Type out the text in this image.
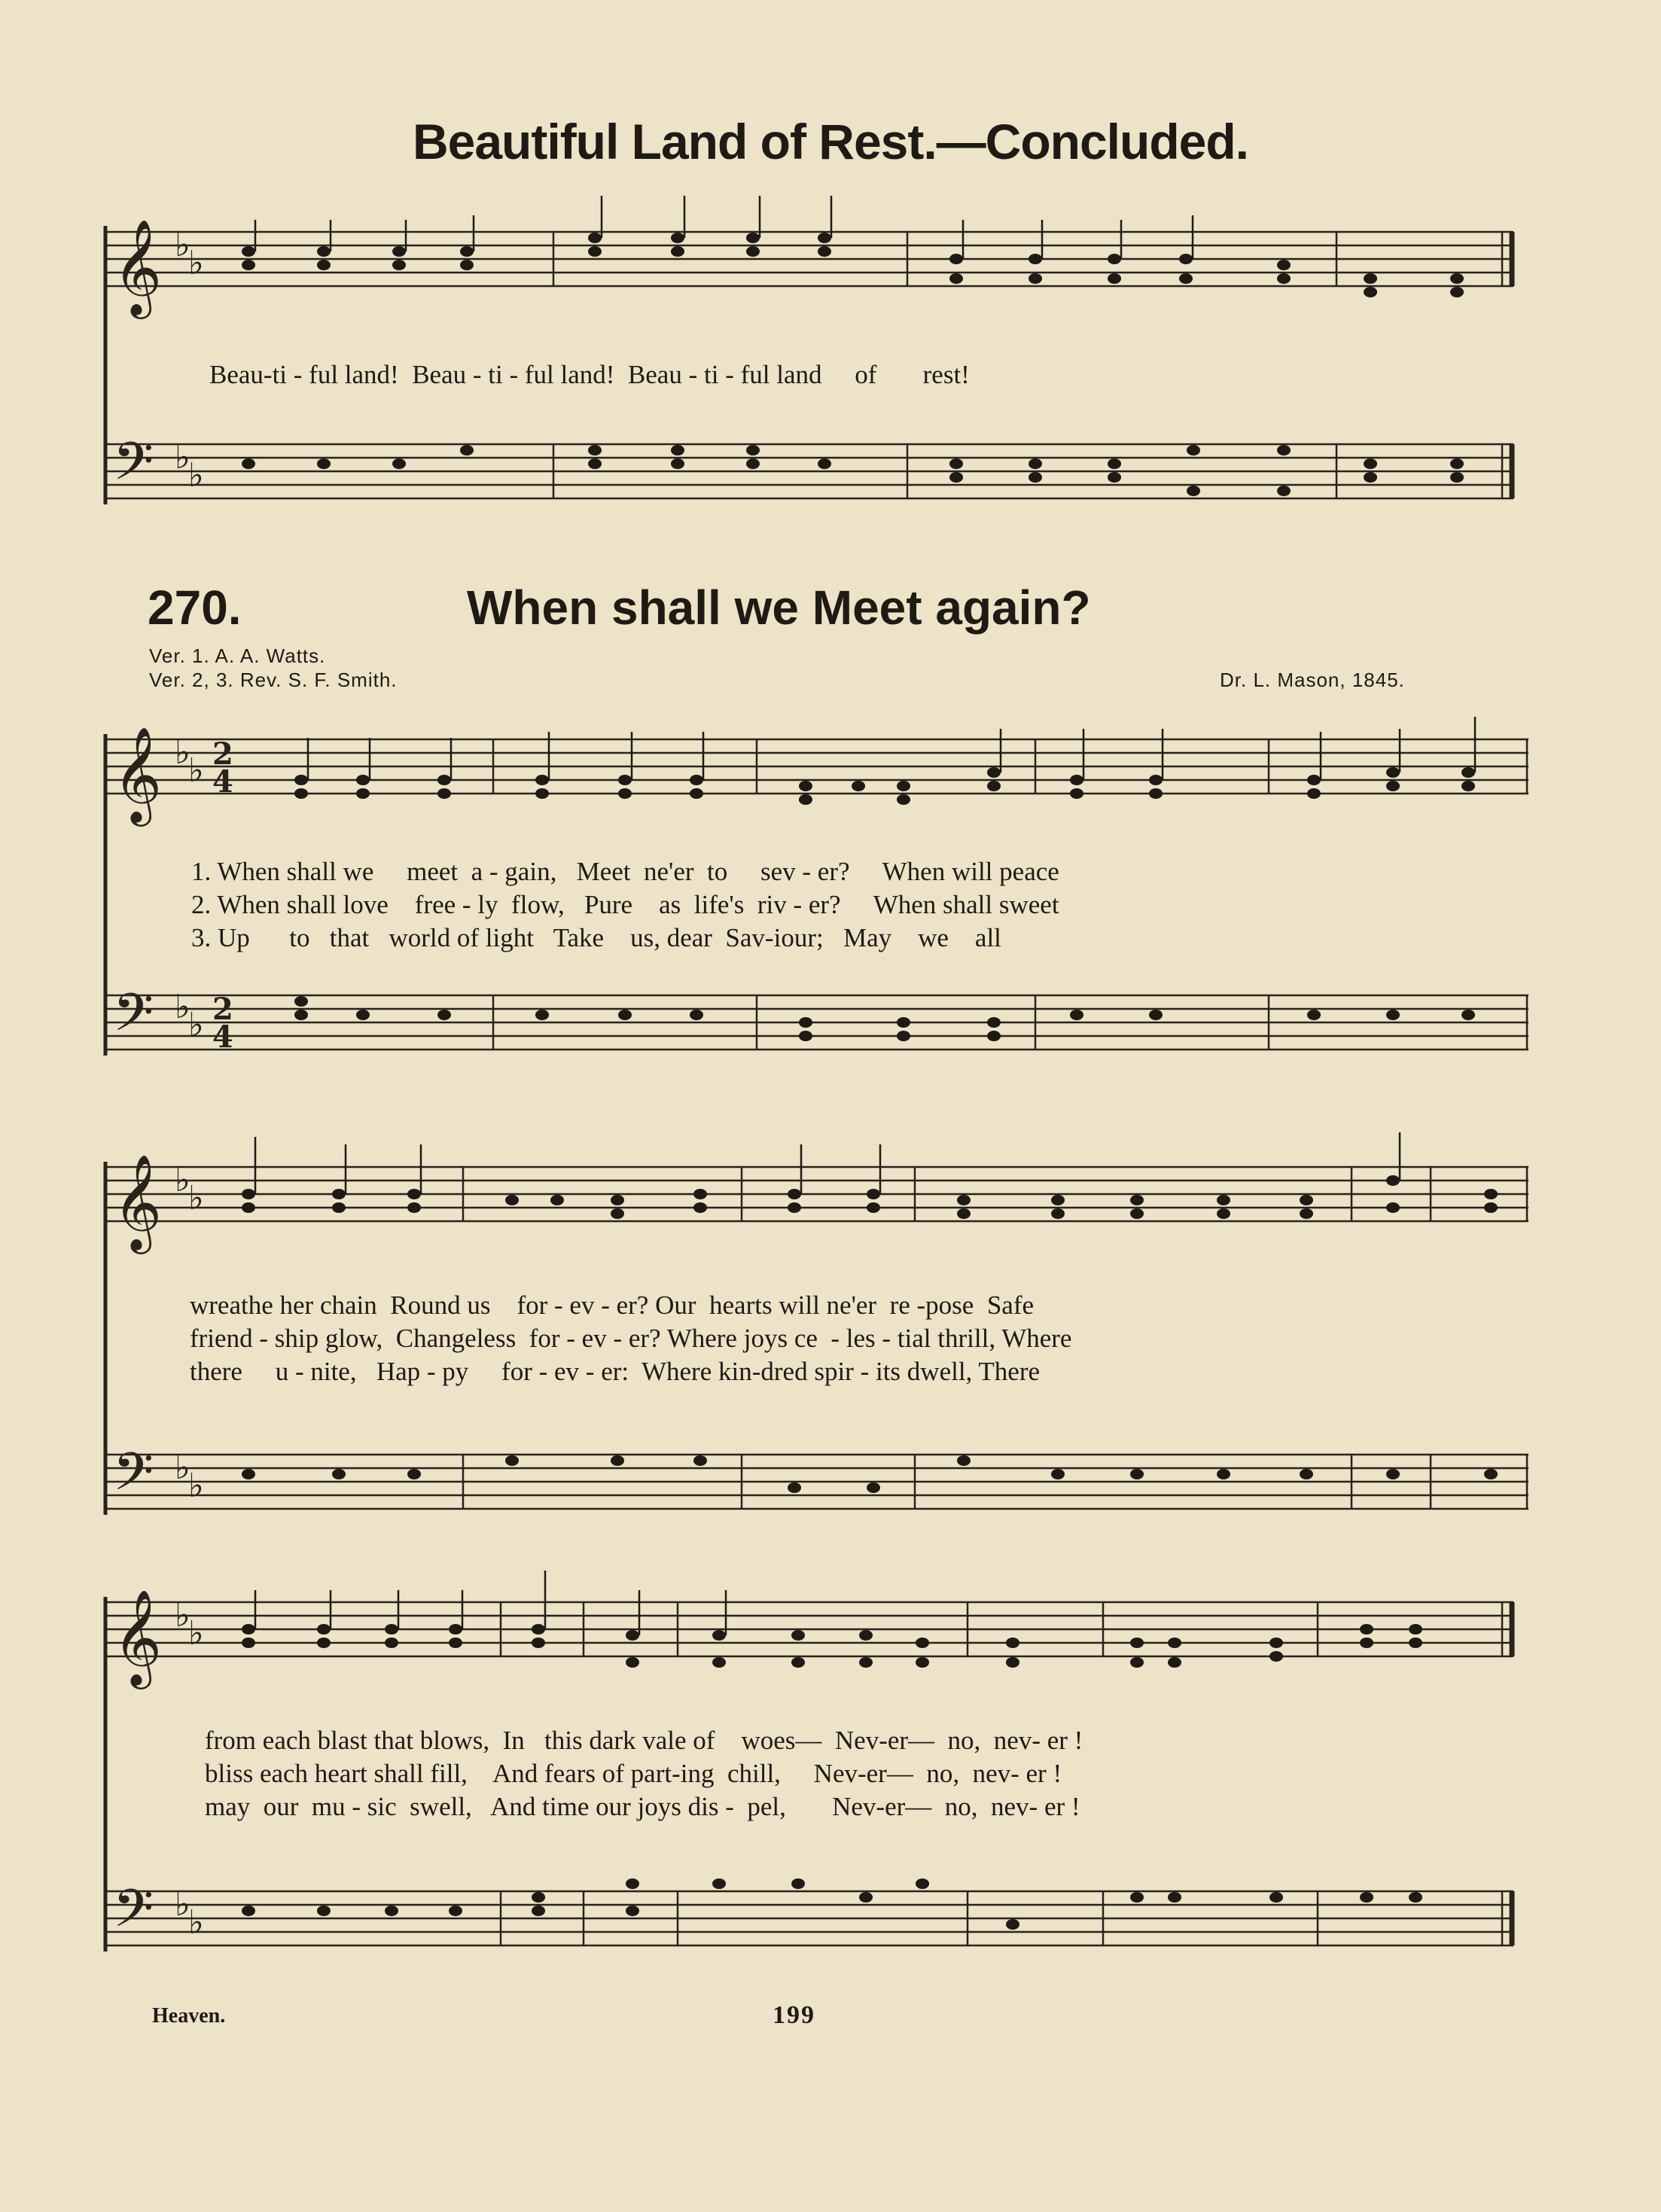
Beautiful Land of Rest.—Concluded.
270.	When shall we Meet again?
Ver. 1. A. A. Watts.
Ver. 2, 3. Rev. S. F. Smith.	Dr. L. Mason, 1845.
𝄞
𝄢
♭
♭
♭
♭
𝄞
𝄢
♭
♭
♭
♭
2
4
2
4
𝄞
𝄢
♭
♭
♭
♭
𝄞
𝄢
♭
♭
♭
♭
Beau-ti - ful land!  Beau - ti - ful land!  Beau - ti - ful land     of       rest!
1. When shall we     meet  a - gain,   Meet  ne'er  to     sev - er?     When will peace
2. When shall love    free - ly  flow,   Pure    as  life's  riv - er?     When shall sweet
3. Up      to   that   world of light   Take    us, dear  Sav-iour;   May    we    all
wreathe her chain  Round us    for - ev - er? Our  hearts will ne'er  re -pose  Safe
friend - ship glow,  Changeless  for - ev - er? Where joys ce  - les - tial thrill, Where
there     u - nite,   Hap - py     for - ev - er:  Where kin-dred spir - its dwell, There
from each blast that blows,  In   this dark vale of    woes—  Nev-er—  no,  nev- er !
bliss each heart shall fill,    And fears of part-ing  chill,     Nev-er—  no,  nev- er !
may  our  mu - sic  swell,   And time our joys dis -  pel,       Nev-er—  no,  nev- er !
Heaven.	199
